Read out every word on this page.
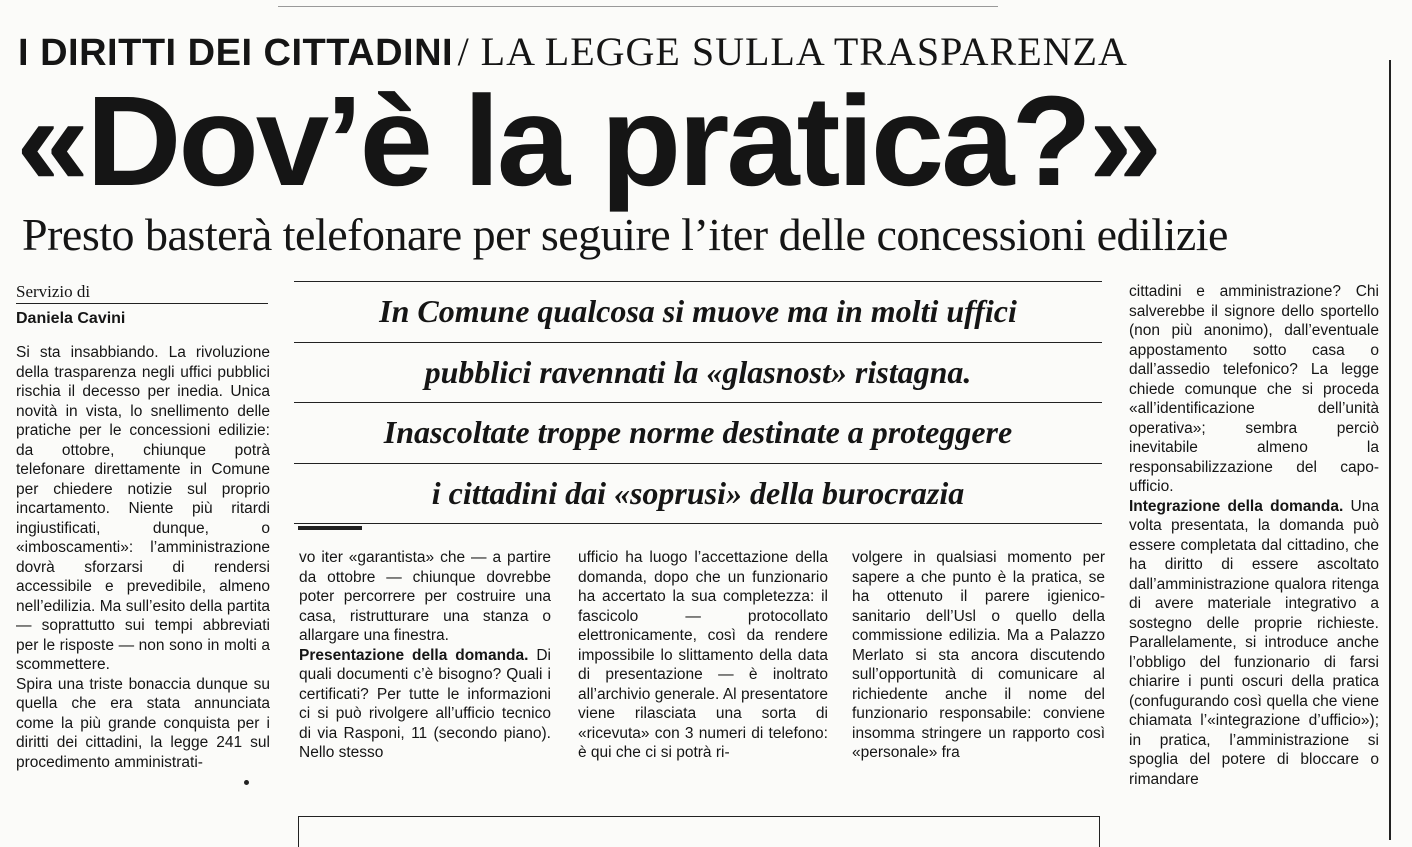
I DIRITTI DEI CITTADINI / LA LEGGE SULLA TRASPARENZA
«Dov’è la pratica?»
Presto basterà telefonare per seguire l’iter delle concessioni edilizie
Servizio di
Daniela Cavini	In Comune qualcosa si muove ma in molti uffici
pubblici ravennati la «glasnost» ristagna.
Inascoltate troppe norme destinate a proteggere
i cittadini dai «soprusi» della burocrazia

Si sta insabbiando. La rivoluzione della trasparenza negli uffici pubblici rischia il decesso per inedia. Unica novità in vista, lo snellimento delle pratiche per le concessioni edilizie: da ottobre, chiunque potrà telefonare direttamente in Comune per chiedere notizie sul proprio incartamento. Niente più ritardi ingiustificati, dunque, o «imboscamenti»: l’amministrazione dovrà sforzarsi di rendersi accessibile e prevedibile, almeno nell’edilizia. Ma sull’esito della partita — soprattutto sui tempi abbreviati per le risposte — non sono in molti a scommettere.

Spira una triste bonaccia dunque su quella che era stata annunciata come la più grande conquista per i diritti dei cittadini, la legge 241 sul procedimento amministrati-

vo iter «garantista» che — a partire da ottobre — chiunque dovrebbe poter percorrere per costruire una casa, ristrutturare una stanza o allargare una finestra.

Presentazione della domanda. Di quali documenti c’è bisogno? Quali i certificati? Per tutte le informazioni ci si può rivolgere all’ufficio tecnico di via Rasponi, 11 (secondo piano). Nello stesso

ufficio ha luogo l’accettazione della domanda, dopo che un funzionario ha accertato la sua completezza: il fascicolo — protocollato elettronicamente, così da rendere impossibile lo slittamento della data di presentazione — è inoltrato all’archivio generale. Al presentatore viene rilasciata una sorta di «ricevuta» con 3 numeri di telefono: è qui che ci si potrà ri-

volgere in qualsiasi momento per sapere a che punto è la pratica, se ha ottenuto il parere igienico-sanitario dell’Usl o quello della commissione edilizia. Ma a Palazzo Merlato si sta ancora discutendo sull’opportunità di comunicare al richiedente anche il nome del funzionario responsabile: conviene insomma stringere un rapporto così «personale» fra

cittadini e amministrazione? Chi salverebbe il signore dello sportello (non più anonimo), dall’eventuale appostamento sotto casa o dall’assedio telefonico? La legge chiede comunque che si proceda «all’identificazione dell’unità operativa»; sembra perciò inevitabile almeno la responsabilizzazione del capo-ufficio.

Integrazione della domanda. Una volta presentata, la domanda può essere completata dal cittadino, che ha diritto di essere ascoltato dall’amministrazione qualora ritenga di avere materiale integrativo a sostegno delle proprie richieste. Parallelamente, si introduce anche l’obbligo del funzionario di farsi chiarire i punti oscuri della pratica (confugurando così quella che viene chiamata l’«integrazione d’ufficio»); in pratica, l’amministrazione si spoglia del potere di bloccare o rimandare
